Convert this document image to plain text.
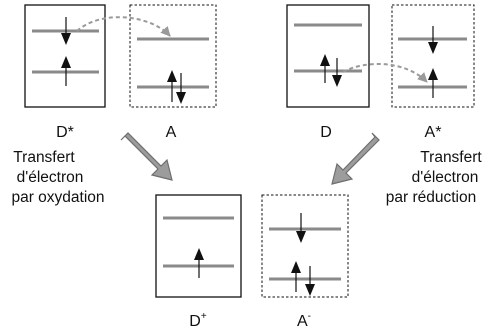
D*	A	D	A*
D+	A-
Transfert
d'électron
par oxydation
Transfert
d'électron
par réduction
